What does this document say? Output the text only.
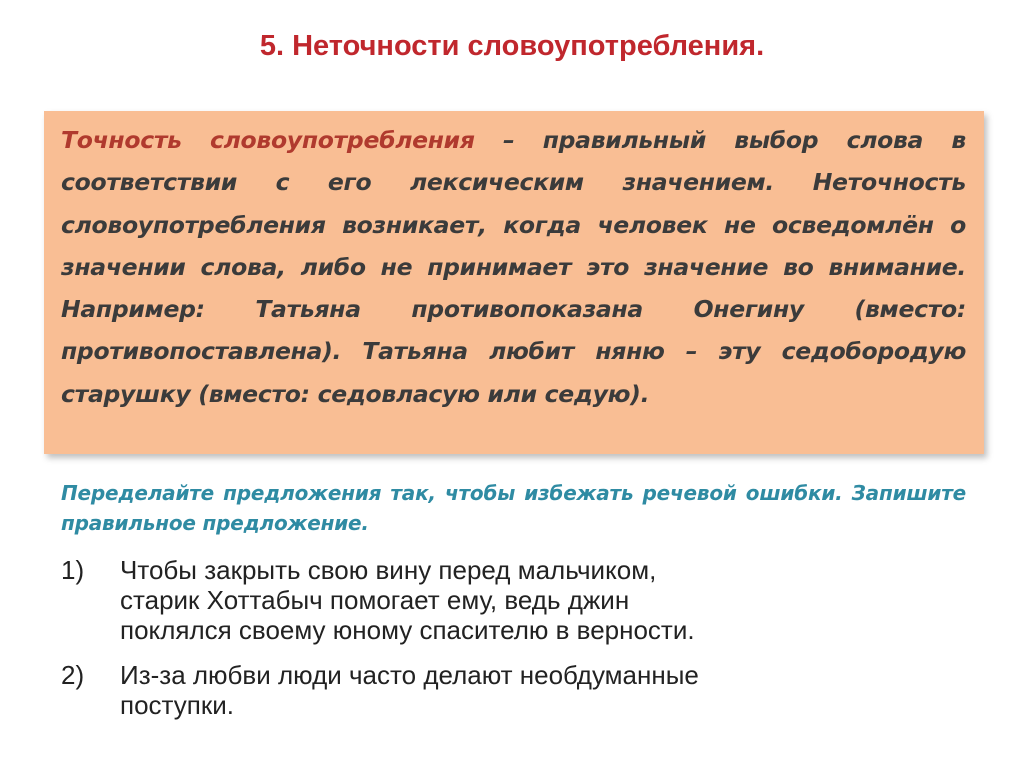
5. Неточности словоупотребления.

Точность словоупотребления – правильный выбор слова в соответствии с его лексическим значением. Неточность словоупотребления возникает, когда человек не осведомлён о значении слова, либо не принимает это значение во внимание. Например: Татьяна противопоказана Онегину (вместо: противопоставлена). Татьяна любит няню – эту седобородую старушку (вместо: седовласую или седую).

Переделайте предложения так, чтобы избежать речевой ошибки. Запишите правильное предложение.

1)	Чтобы закрыть свою вину перед мальчиком, старик Хоттабыч помогает ему, ведь джин поклялся своему юному спасителю в верности.
2)	Из-за любви люди часто делают необдуманные поступки.
